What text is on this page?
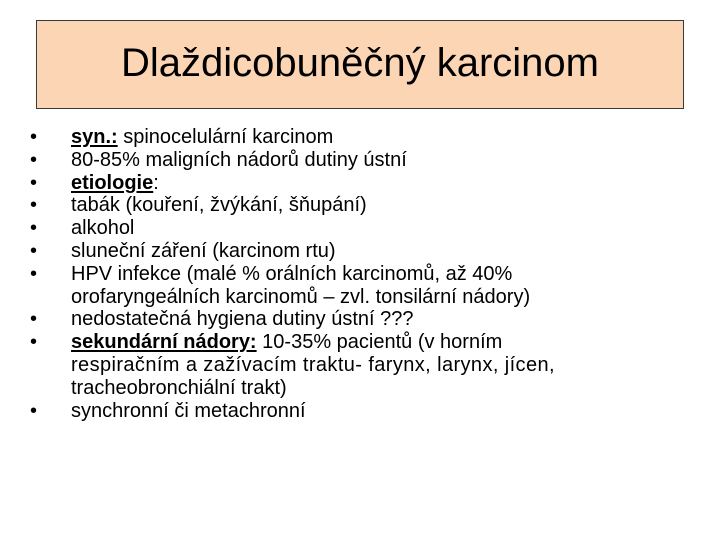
Dlaždicobuněčný karcinom
• syn.: spinocelulární karcinom
• 80-85% maligních nádorů dutiny ústní
• etiologie:
• tabák (kouření, žvýkání, šňupání)
• alkohol
• sluneční záření (karcinom rtu)
• HPV infekce (malé % orálních karcinomů, až 40%
orofaryngeálních karcinomů – zvl. tonsilární nádory)
• nedostatečná hygiena dutiny ústní ???
• sekundární nádory: 10-35% pacientů (v horním
respiračním a zažívacím traktu- farynx, larynx, jícen,
tracheobronchiální trakt)
• synchronní či metachronní
